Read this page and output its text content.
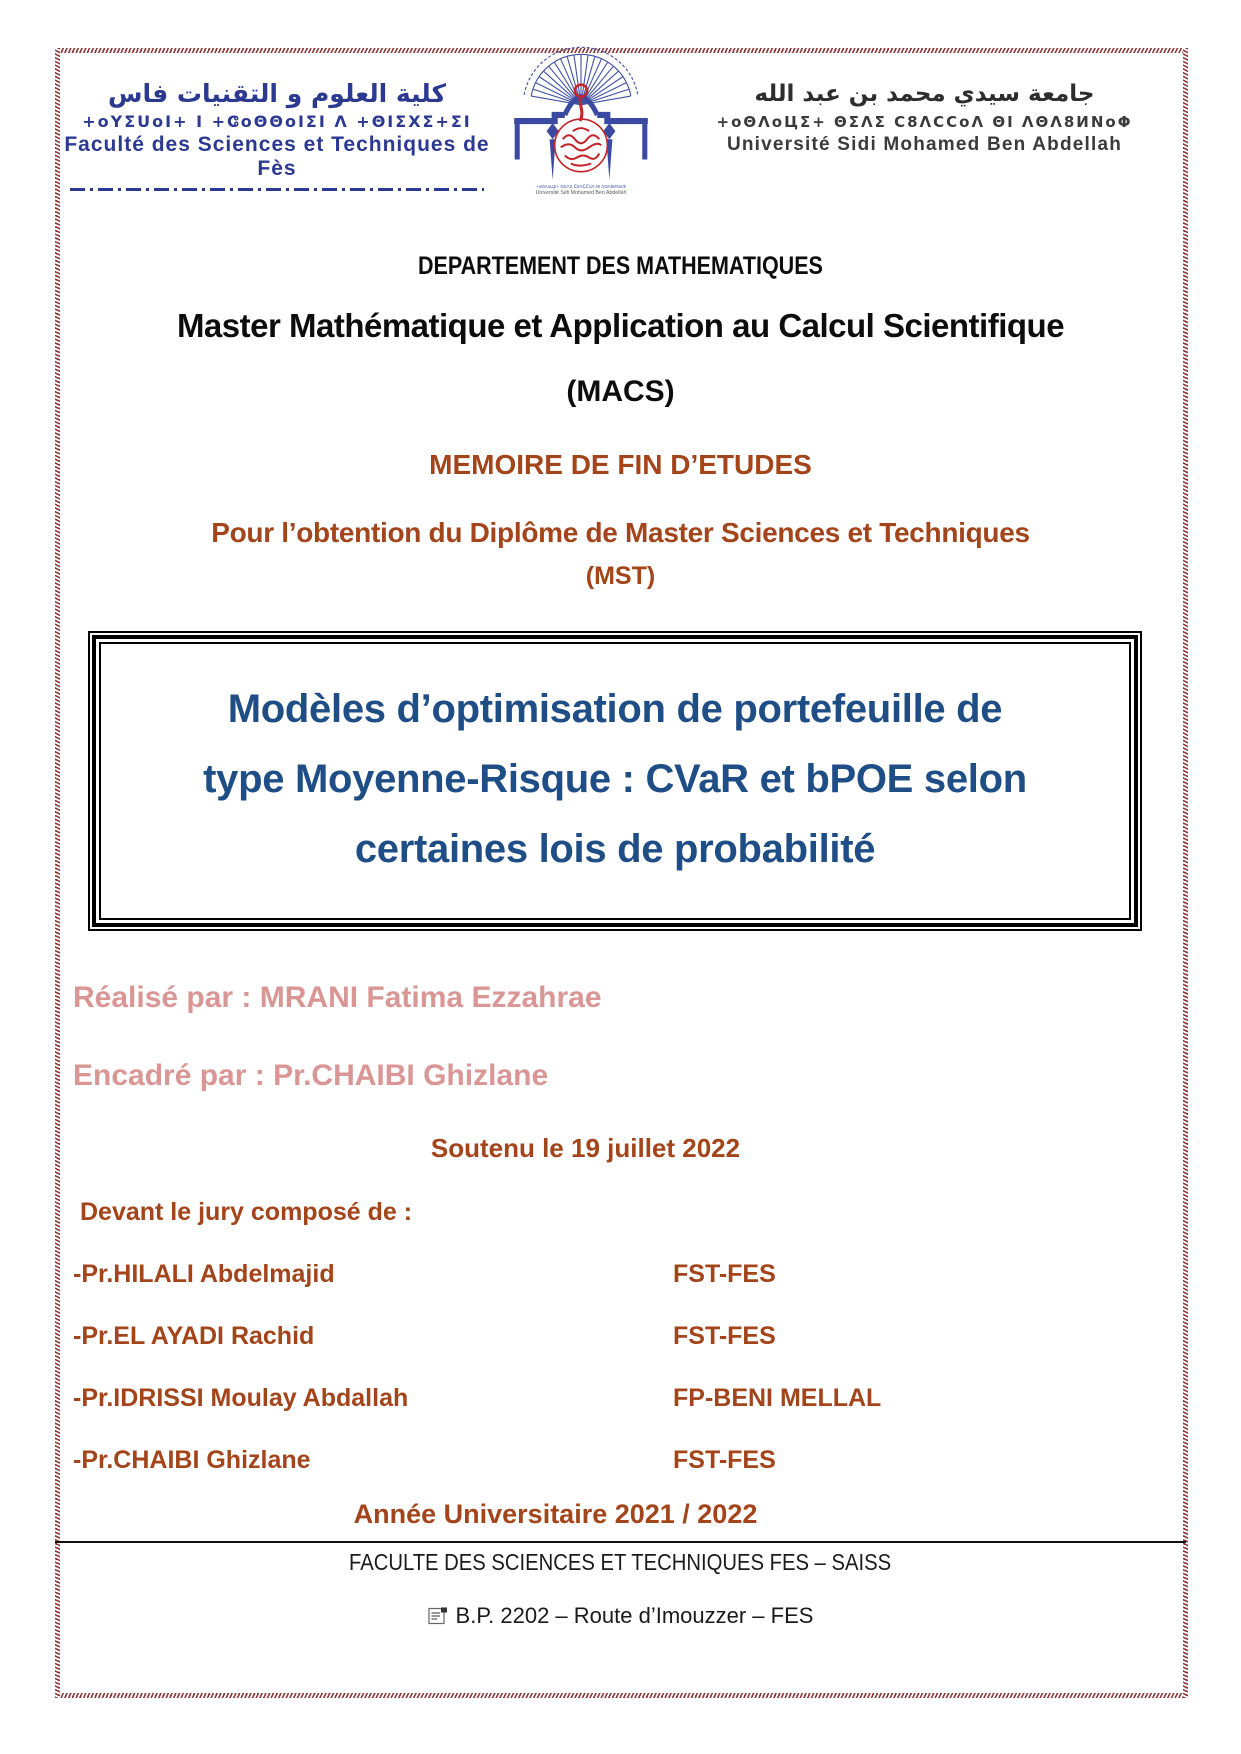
كلية العلوم و التقنيات فاس
+oYΣUoI+ I +ⵛoΘΘoIΣI Λ +ΘIΣXΣ+ΣI
Faculté des Sciences et Techniques de Fès
+oΘΛoЦΣ+ ΘΣΛΣ Ⅽ8ΛⅭⅭoΛ ΘΙ ΛΘΛ8ИΝoΦ
Université Sidi Mohamed Ben Abdellah
جامعة سيدي محمد بن عبد الله
+oΘΛoЦΣ+ ΘΣΛΣ Ⅽ8ΛⅭⅭoΛ ΘΙ ΛΘΛ8ИΝoΦ
Université Sidi Mohamed Ben Abdellah
DEPARTEMENT DES MATHEMATIQUES
Master Mathématique et Application au Calcul Scientifique
(MACS)
MEMOIRE DE FIN D’ETUDES
Pour l’obtention du Diplôme de Master Sciences et Techniques
(MST)
Modèles d’optimisation de portefeuille de
type Moyenne-Risque : CVaR et bPOE selon
certaines lois de probabilité
Réalisé par : MRANI Fatima Ezzahrae
Encadré par : Pr.CHAIBI Ghizlane
Soutenu le 19 juillet 2022
Devant le jury composé de :
-Pr.HILALI Abdelmajid	FST-FES
-Pr.EL AYADI Rachid	FST-FES
-Pr.IDRISSI Moulay Abdallah	FP-BENI MELLAL
-Pr.CHAIBI Ghizlane	FST-FES
Année Universitaire 2021 / 2022
FACULTE DES SCIENCES ET TECHNIQUES FES – SAISS
B.P. 2202 – Route d’Imouzzer – FES
